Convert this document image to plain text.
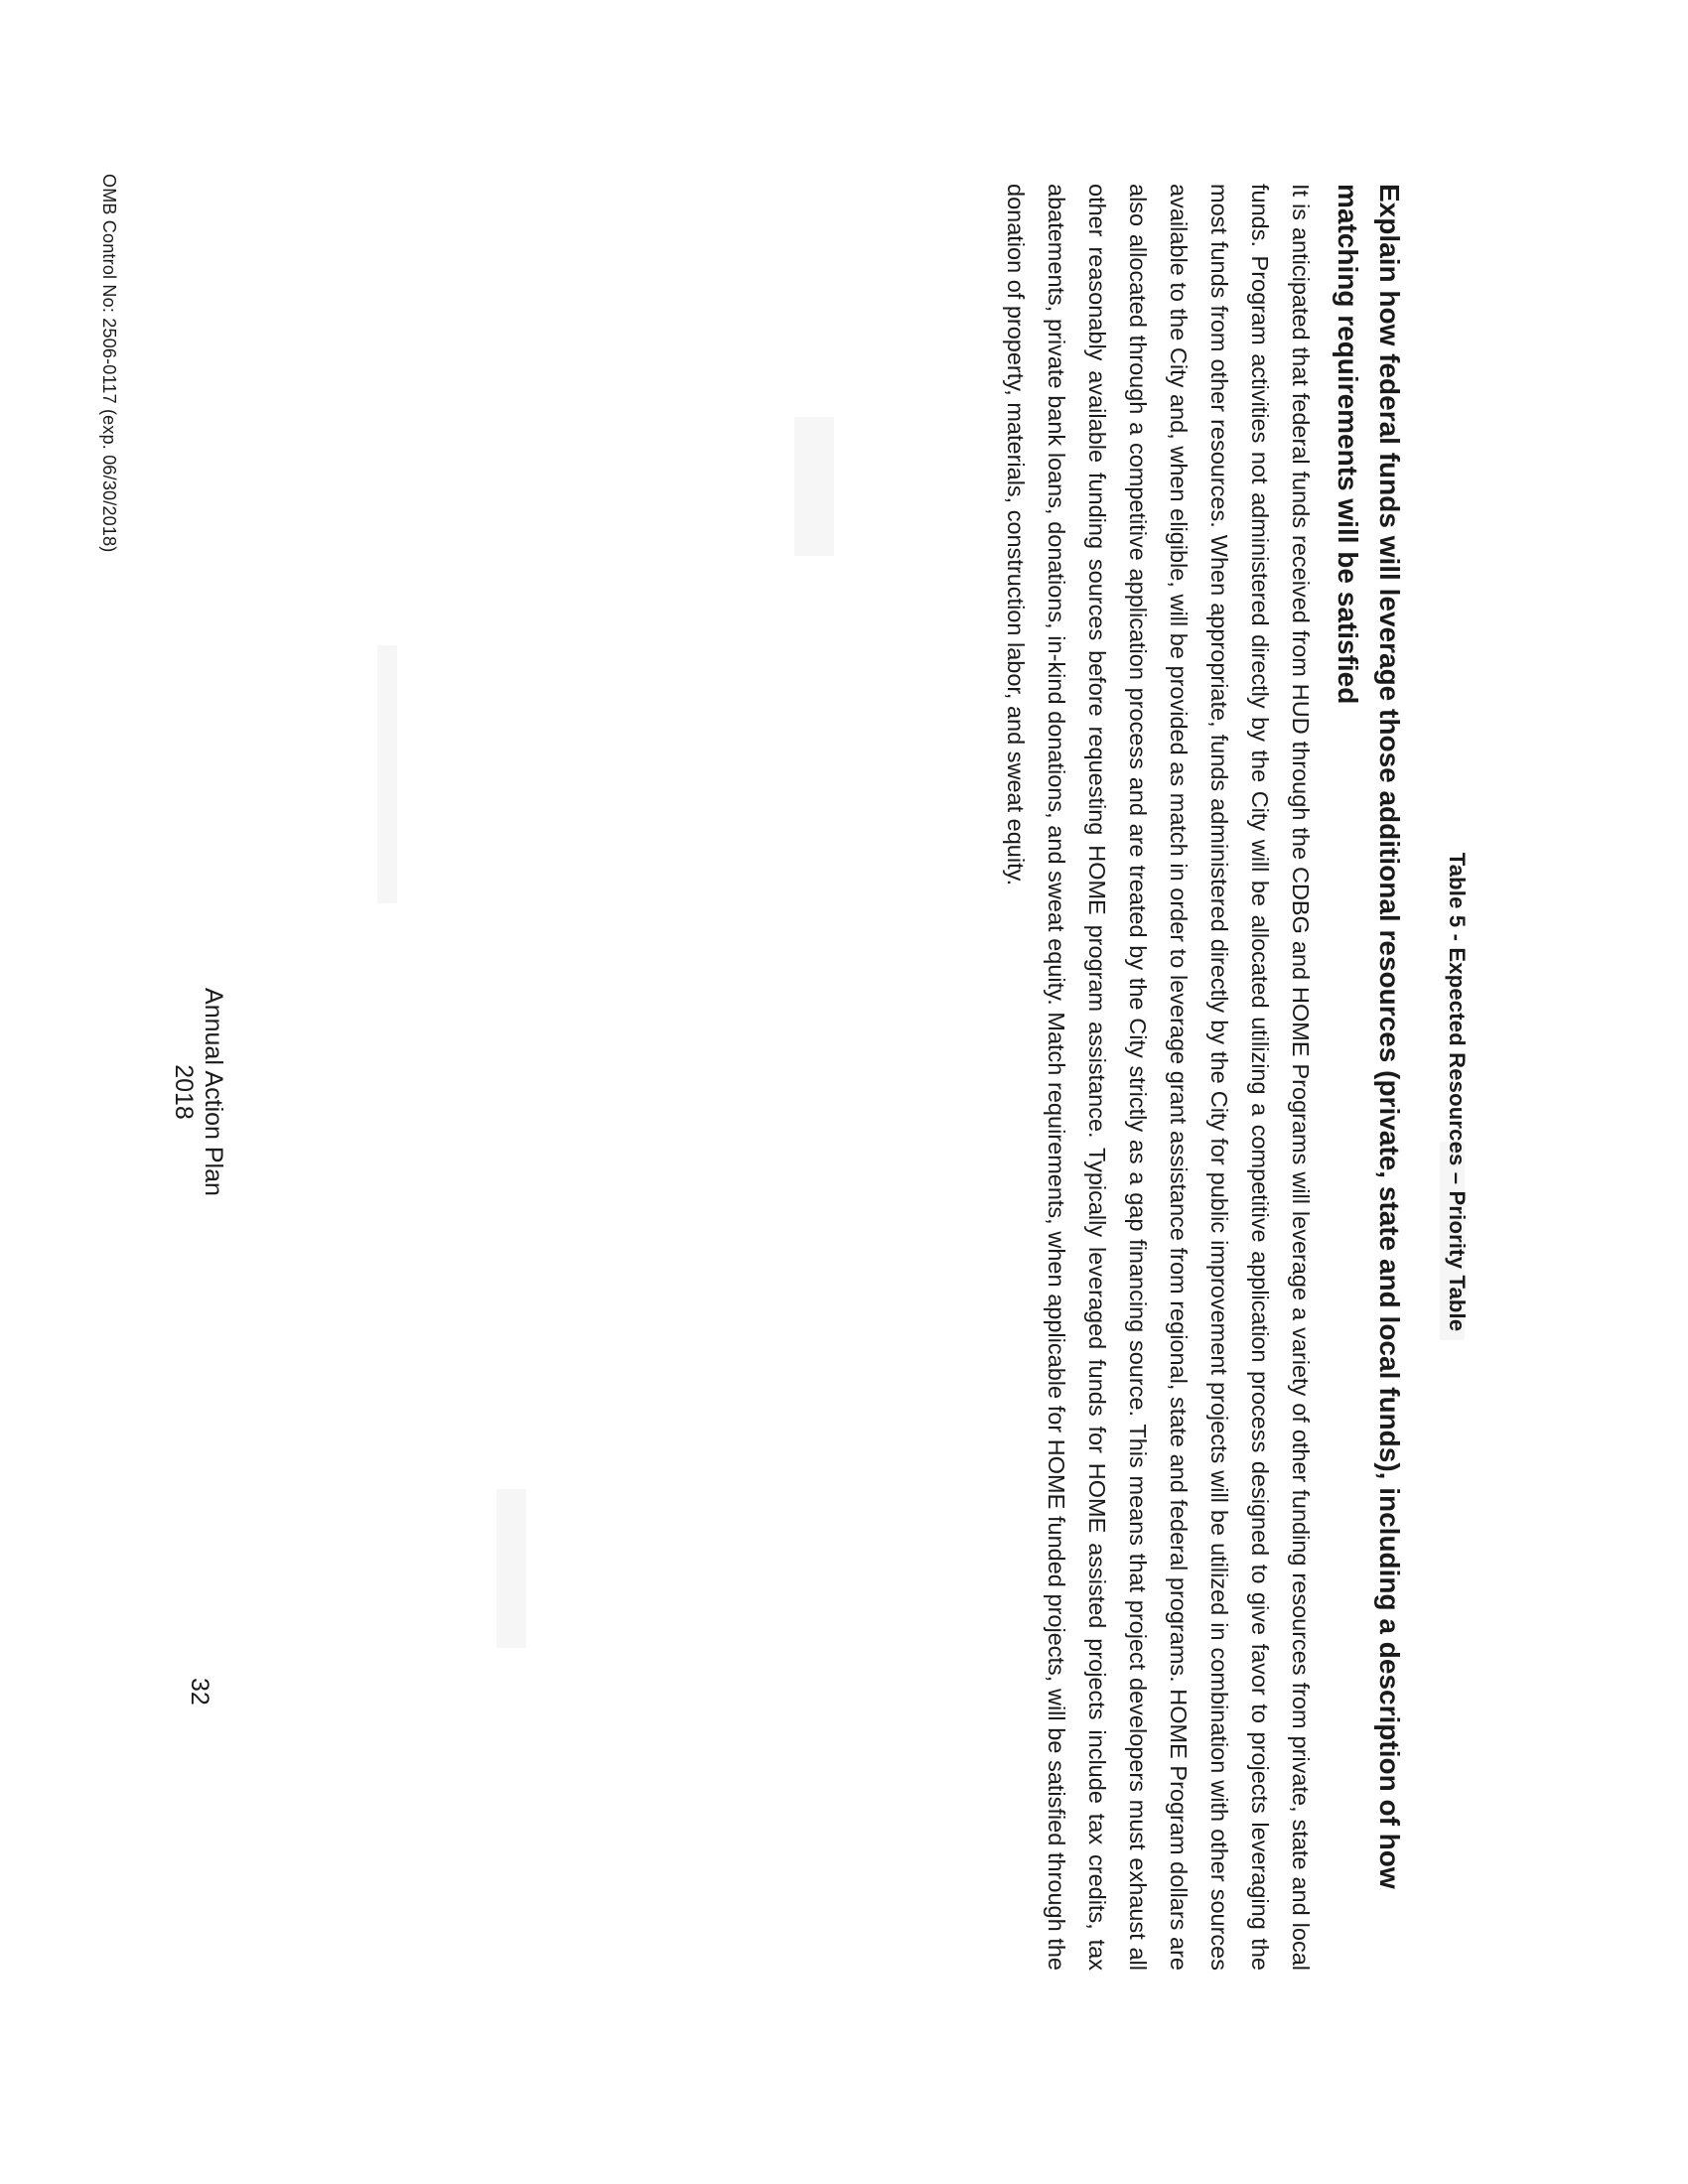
Table 5 - Expected Resources – Priority Table
Explain how federal funds will leverage those additional resources (private, state and local funds), including a description of how matching requirements will be satisfied

It is anticipated that federal funds received from HUD through the CDBG and HOME Programs will leverage a variety of other funding resources from private, state and local funds. Program activities not administered directly by the City will be allocated utilizing a competitive application process designed to give favor to projects leveraging the most funds from other resources. When appropriate, funds administered directly by the City for public improvement projects will be utilized in combination with other sources available to the City and, when eligible, will be provided as match in order to leverage grant assistance from regional, state and federal programs. HOME Program dollars are also allocated through a competitive application process and are treated by the City strictly as a gap financing source. This means that project developers must exhaust all other reasonably available funding sources before requesting HOME program assistance. Typically leveraged funds for HOME assisted projects include tax credits, tax abatements, private bank loans, donations, in-kind donations, and sweat equity. Match requirements, when applicable for HOME funded projects, will be satisfied through the donation of property, materials, construction labor, and sweat equity.

Annual Action Plan
2018
32
OMB Control No: 2506-0117 (exp. 06/30/2018)
